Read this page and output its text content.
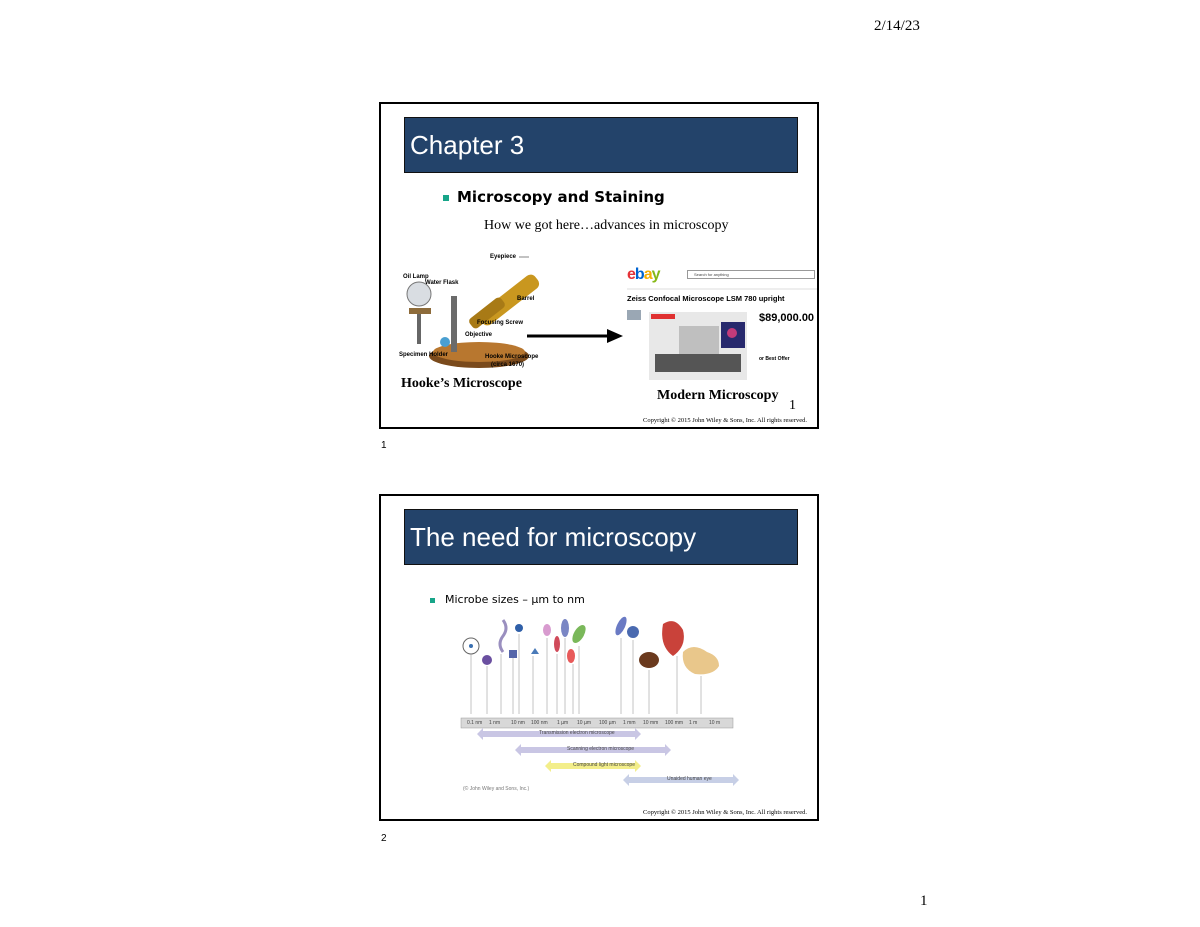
2/14/23
Chapter 3
Microscopy and Staining
How we got here…advances in microscopy
Eyepiece
Oil Lamp
Water Flask
Barrel
Focusing Screw
Objective
Specimen Holder	Hooke Microscope
(circa 1670)
Hooke’s Microscope
ebay	Search for anything
Zeiss Confocal Microscope LSM 780 upright
$89,000.00
or Best Offer
Modern Microscopy
1
Copyright © 2015 John Wiley & Sons, Inc. All rights reserved.
1
The need for microscopy
Microbe sizes – µm to nm
0.1 nm 1 nm 10 nm 100 nm 1 µm 10 µm 100 µm 1 mm 10 mm 100 mm 1 m 10 m
Transmission electron microscope
Scanning electron microscope
Compound light microscope
Unaided human eye
(© John Wiley and Sons, Inc.)
Copyright © 2015 John Wiley & Sons, Inc. All rights reserved.
2
1
